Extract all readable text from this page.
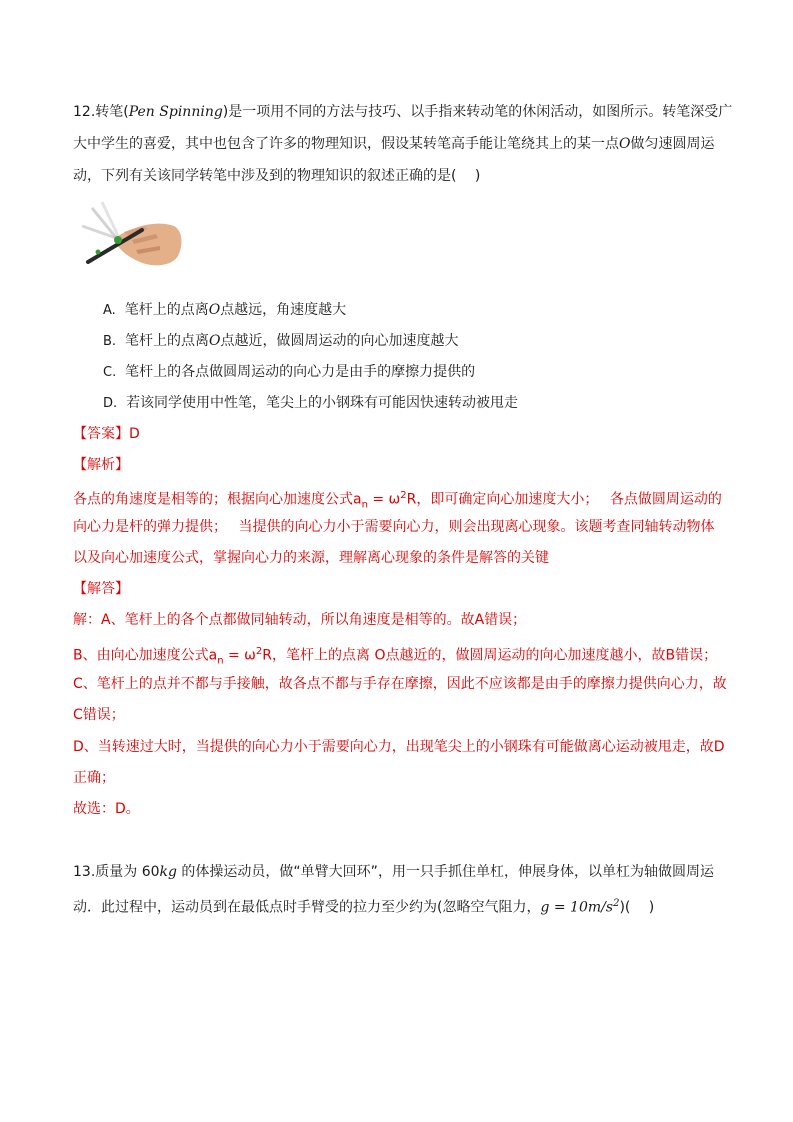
12.转笔(Pen Spinning)是一项用不同的方法与技巧、以手指来转动笔的休闲活动，如图所示。转笔深受广
大中学生的喜爱，其中也包含了许多的物理知识，假设某转笔高手能让笔绕其上的某一点O做匀速圆周运
动，下列有关该同学转笔中涉及到的物理知识的叙述正确的是(　 )
A. 笔杆上的点离O点越远，角速度越大
B. 笔杆上的点离O点越近，做圆周运动的向心加速度越大
C. 笔杆上的各点做圆周运动的向心力是由手的摩擦力提供的
D. 若该同学使用中性笔，笔尖上的小钢珠有可能因快速转动被甩走
【答案】D
【解析】
各点的角速度是相等的；根据向心加速度公式$a_n = \omega^2R$，即可确定向心加速度大小；　 各点做圆周运动的
向心力是杆的弹力提供；　 当提供的向心力小于需要向心力，则会出现离心现象。该题考查同轴转动物体
以及向心加速度公式，掌握向心力的来源，理解离心现象的条件是解答的关键
【解答】
解：A、笔杆上的各个点都做同轴转动，所以角速度是相等的。故A错误；
B、由向心加速度公式$a_n = \omega^2R$，笔杆上的点离 O点越近的，做圆周运动的向心加速度越小，故B错误；
C、笔杆上的点并不都与手接触，故各点不都与手存在摩擦，因此不应该都是由手的摩擦力提供向心力，故
C错误；
D、当转速过大时，当提供的向心力小于需要向心力，出现笔尖上的小钢珠有可能做离心运动被甩走，故D
正确；
故选：D。
13.质量为 60kg 的体操运动员，做“单臂大回环”，用一只手抓住单杠，伸展身体，以单杠为轴做圆周运
动．此过程中，运动员到在最低点时手臂受的拉力至少约为(忽略空气阻力，$g = 10m/s^2$)(　 )
